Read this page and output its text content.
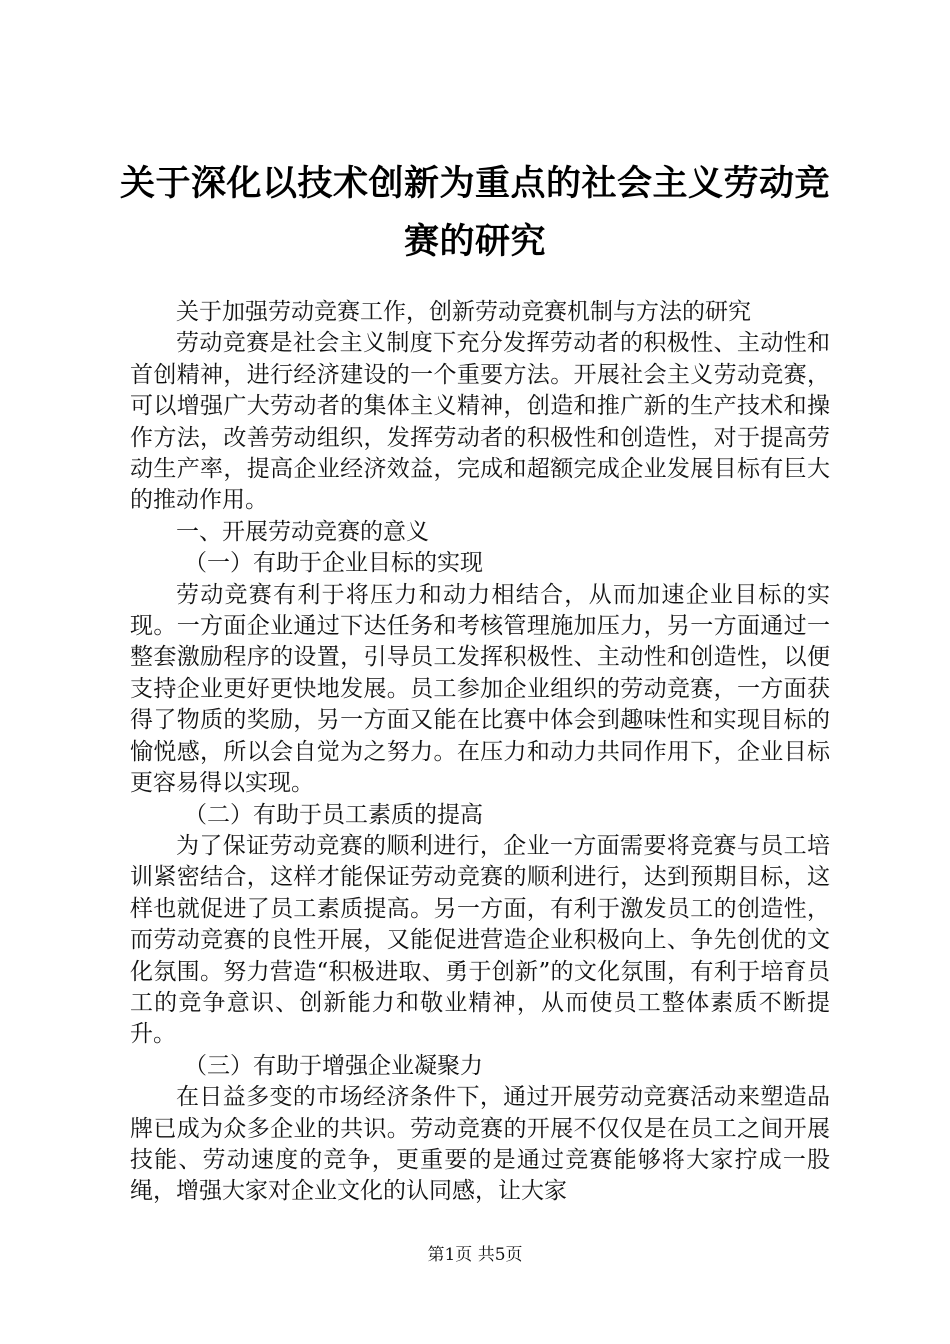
关于深化以技术创新为重点的社会主义劳动竞
赛的研究

关于加强劳动竞赛工作，创新劳动竞赛机制与方法的研究

劳动竞赛是社会主义制度下充分发挥劳动者的积极性、主动性和首创精神，进行经济建设的一个重要方法。开展社会主义劳动竞赛，可以增强广大劳动者的集体主义精神，创造和推广新的生产技术和操作方法，改善劳动组织，发挥劳动者的积极性和创造性，对于提高劳动生产率，提高企业经济效益，完成和超额完成企业发展目标有巨大的推动作用。

一、开展劳动竞赛的意义

（一）有助于企业目标的实现

劳动竞赛有利于将压力和动力相结合，从而加速企业目标的实现。一方面企业通过下达任务和考核管理施加压力，另一方面通过一整套激励程序的设置，引导员工发挥积极性、主动性和创造性，以便支持企业更好更快地发展。员工参加企业组织的劳动竞赛，一方面获得了物质的奖励，另一方面又能在比赛中体会到趣味性和实现目标的愉悦感，所以会自觉为之努力。在压力和动力共同作用下，企业目标更容易得以实现。

（二）有助于员工素质的提高

为了保证劳动竞赛的顺利进行，企业一方面需要将竞赛与员工培训紧密结合，这样才能保证劳动竞赛的顺利进行，达到预期目标，这样也就促进了员工素质提高。另一方面，有利于激发员工的创造性，而劳动竞赛的良性开展，又能促进营造企业积极向上、争先创优的文化氛围。努力营造“积极进取、勇于创新”的文化氛围，有利于培育员工的竞争意识、创新能力和敬业精神，从而使员工整体素质不断提升。

（三）有助于增强企业凝聚力

在日益多变的市场经济条件下，通过开展劳动竞赛活动来塑造品牌已成为众多企业的共识。劳动竞赛的开展不仅仅是在员工之间开展技能、劳动速度的竞争，更重要的是通过竞赛能够将大家拧成一股绳，增强大家对企业文化的认同感，让大家

第1页 共5页
